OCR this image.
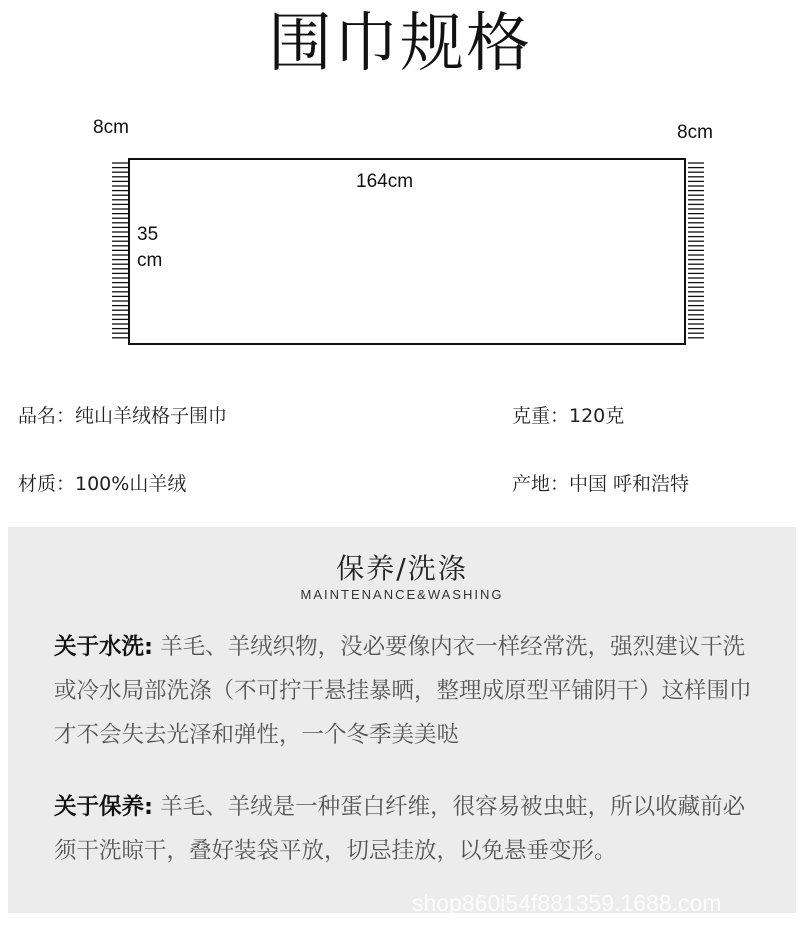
围巾规格
8cm	8cm
164cm
35
cm
品名：纯山羊绒格子围巾	克重：120克
材质：100%山羊绒	产地：中国 呼和浩特
保养/洗涤
MAINTENANCE&WASHING
关于水洗: 羊毛、羊绒织物，没必要像内衣一样经常洗，强烈建议干洗或冷水局部洗涤（不可拧干悬挂暴晒，整理成原型平铺阴干）这样围巾才不会失去光泽和弹性，一个冬季美美哒
关于保养: 羊毛、羊绒是一种蛋白纤维，很容易被虫蛀，所以收藏前必须干洗晾干，叠好装袋平放，切忌挂放，以免悬垂变形。
shop860i54f881359.1688.com
